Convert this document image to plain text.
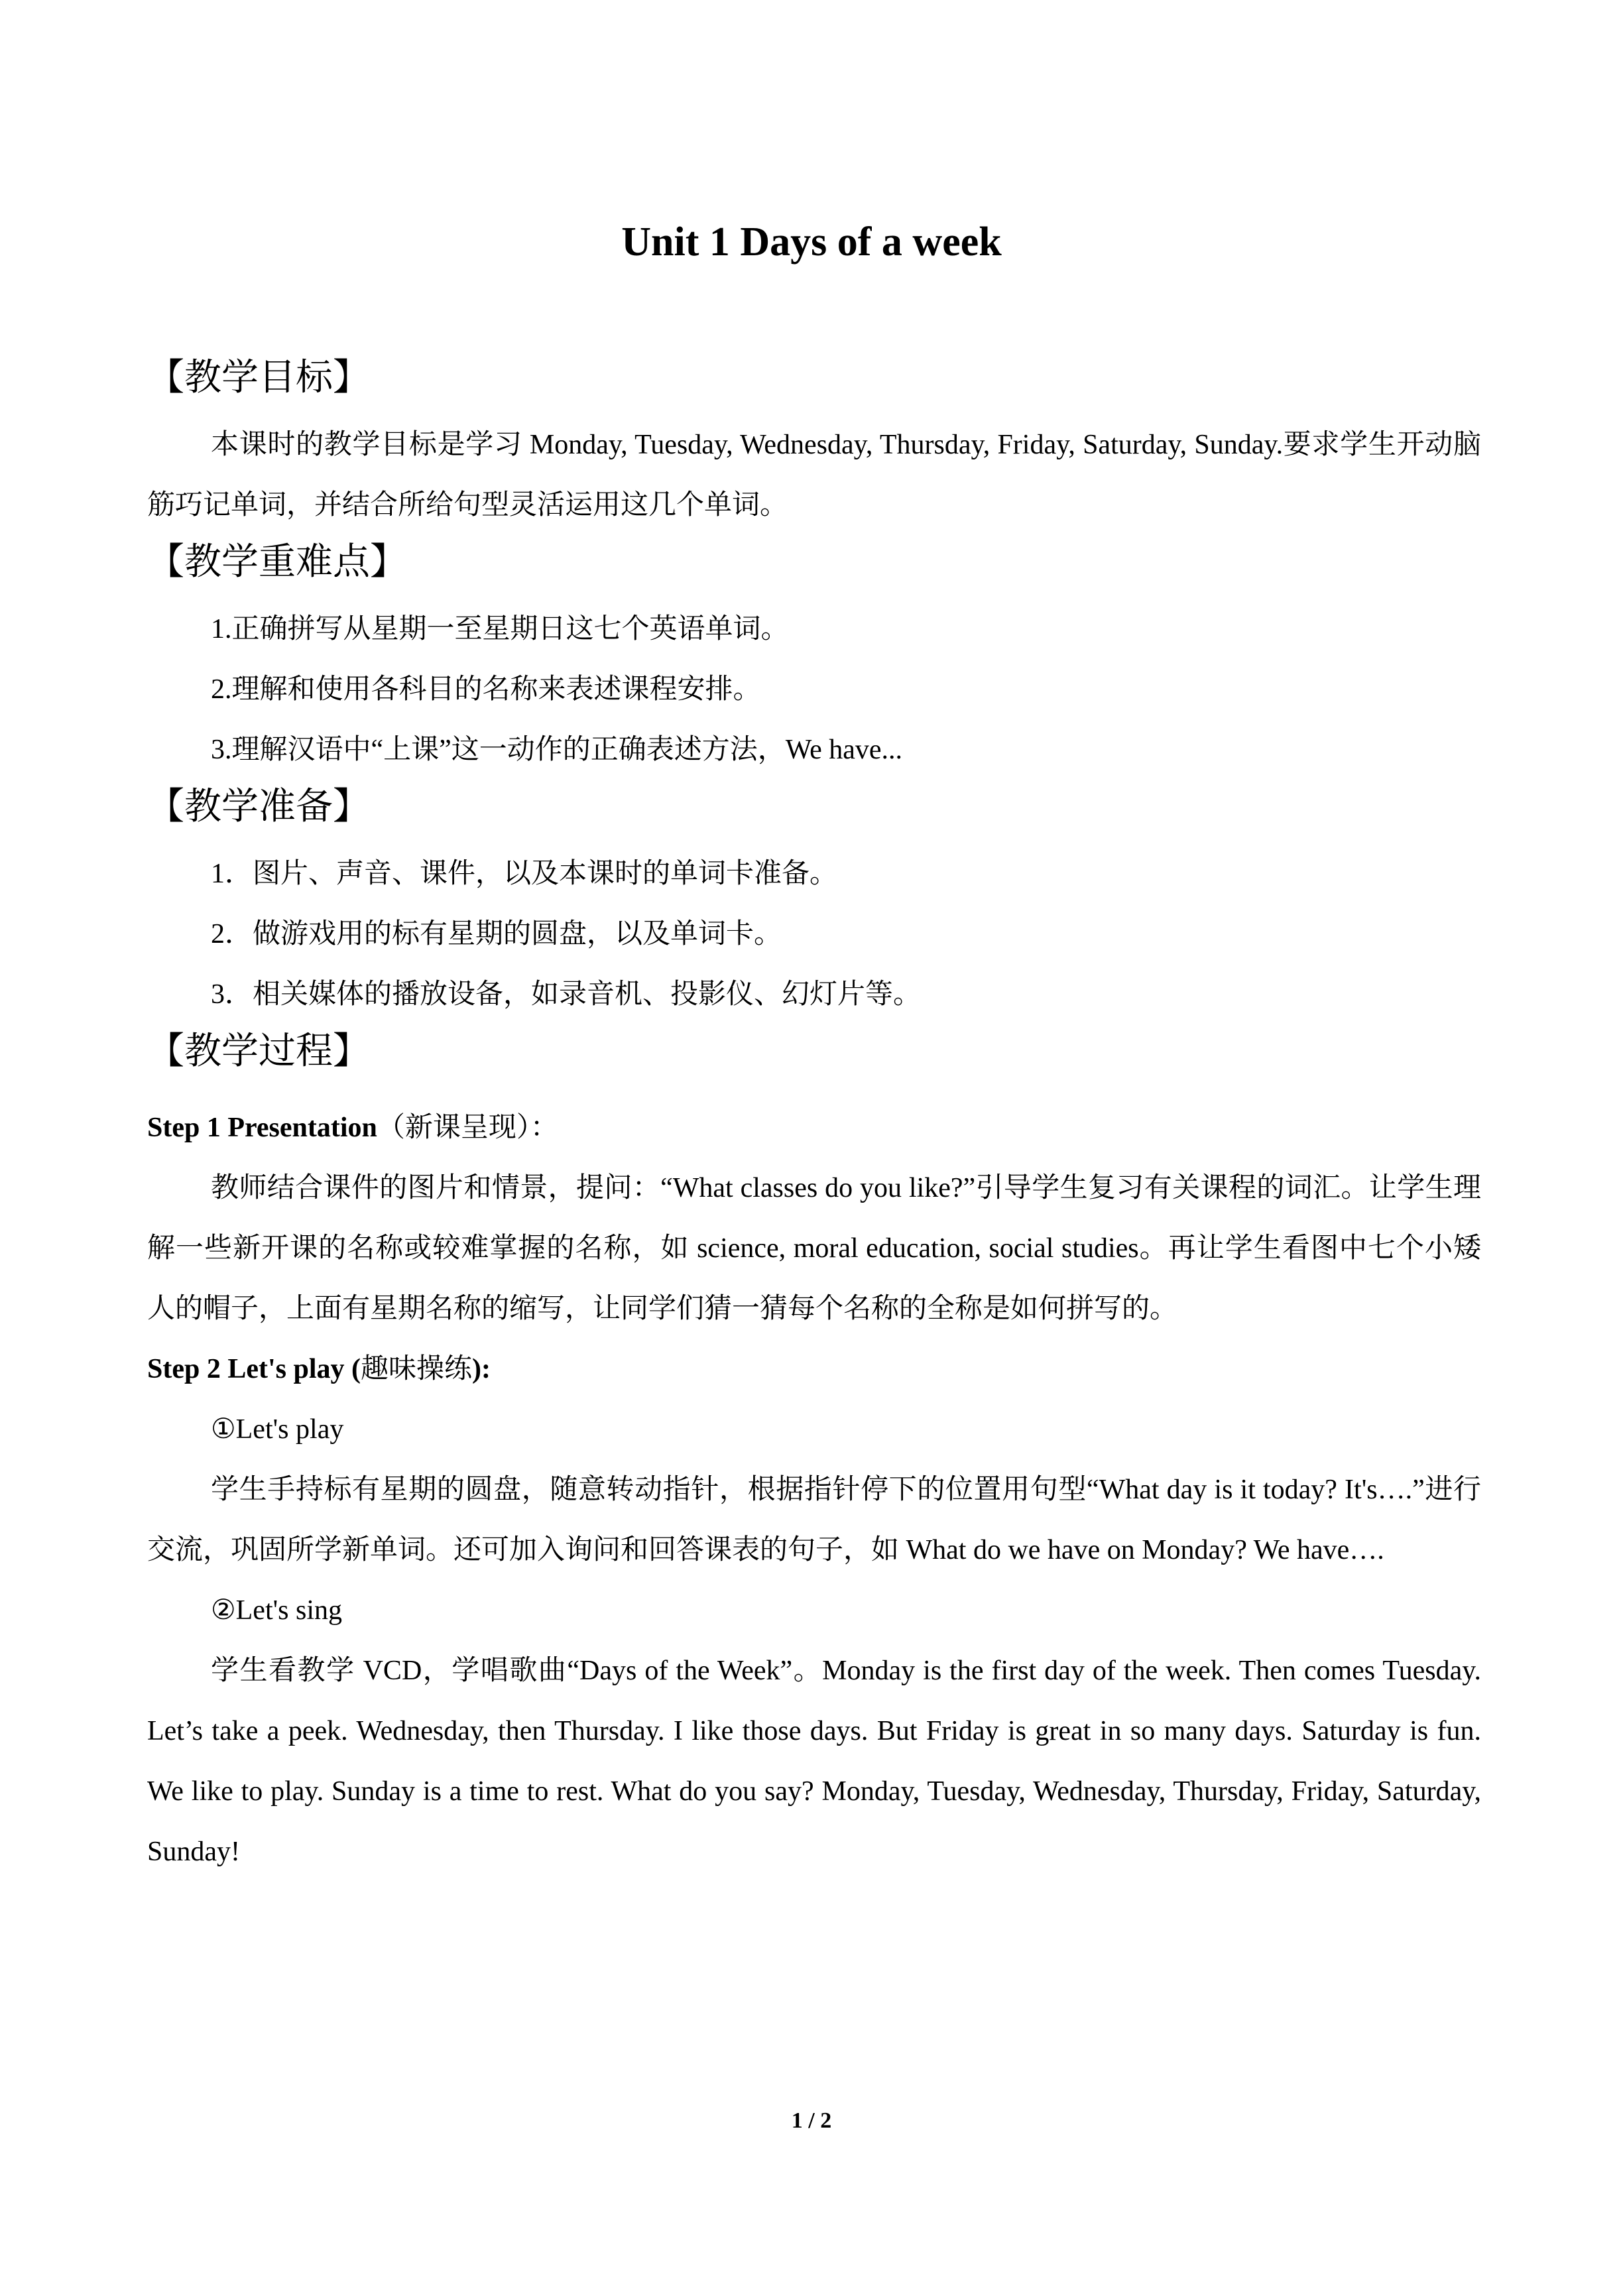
Unit 1 Days of a week

【教学目标】

本课时的教学目标是学习 Monday, Tuesday, Wednesday, Thursday, Friday, Saturday, Sunday.要求学生开动脑筋巧记单词，并结合所给句型灵活运用这几个单词。

【教学重难点】

1.正确拼写从星期一至星期日这七个英语单词。

2.理解和使用各科目的名称来表述课程安排。

3.理解汉语中“上课”这一动作的正确表述方法，We have...

【教学准备】

1．图片、声音、课件，以及本课时的单词卡准备。

2．做游戏用的标有星期的圆盘，以及单词卡。

3．相关媒体的播放设备，如录音机、投影仪、幻灯片等。

【教学过程】

Step 1 Presentation（新课呈现）：

教师结合课件的图片和情景，提问：“What classes do you like?”引导学生复习有关课程的词汇。让学生理解一些新开课的名称或较难掌握的名称，如 science, moral education, social studies。再让学生看图中七个小矮人的帽子，上面有星期名称的缩写，让同学们猜一猜每个名称的全称是如何拼写的。

Step 2 Let's play (趣味操练):

①Let's play

学生手持标有星期的圆盘，随意转动指针，根据指针停下的位置用句型“What day is it today? It's….”进行交流，巩固所学新单词。还可加入询问和回答课表的句子，如 What do we have on Monday? We have….

②Let's sing

学生看教学 VCD，学唱歌曲“Days of the Week”。Monday is the first day of the week. Then comes Tuesday. Let’s take a peek. Wednesday, then Thursday. I like those days. But Friday is great in so many days. Saturday is fun. We like to play. Sunday is a time to rest. What do you say? Monday, Tuesday, Wednesday, Thursday, Friday, Saturday, Sunday!

1 / 2
